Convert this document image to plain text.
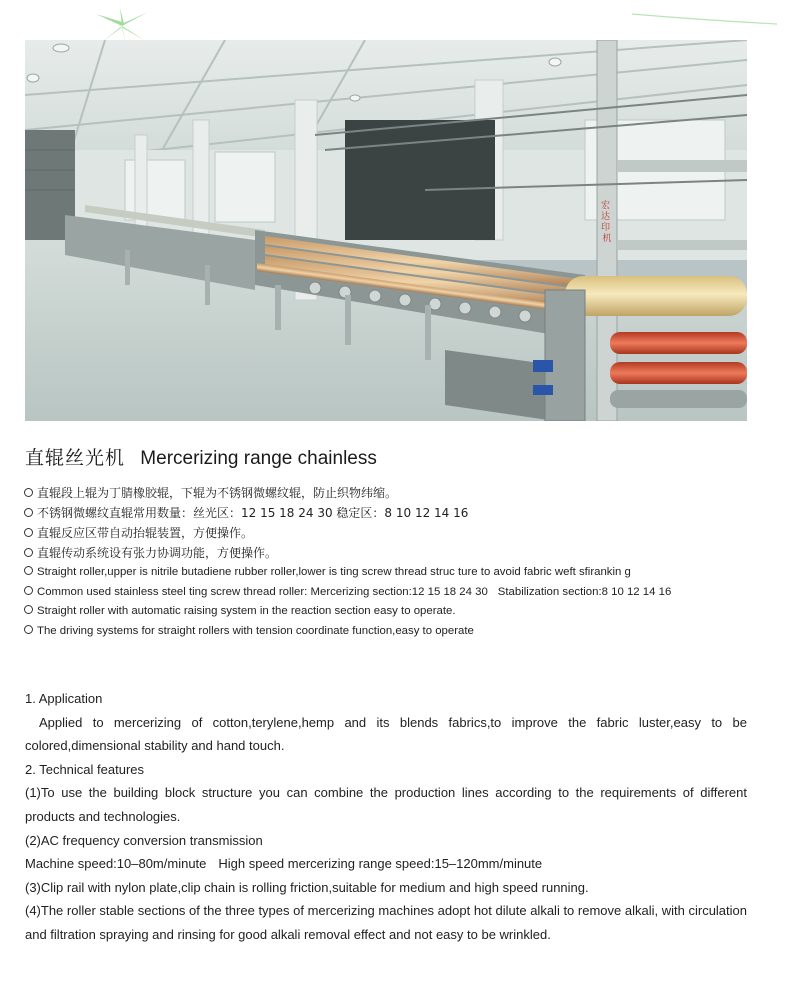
宏 达 印 机
直辊丝光机 Mercerizing range chainless
直辊段上辊为丁腈橡胶辊，下辊为不锈钢微螺纹辊，防止织物纬缩。
不锈钢微螺纹直辊常用数量：丝光区：12 15 18 24 30 稳定区：8 10 12 14 16
直辊反应区带自动抬辊装置，方便操作。
直辊传动系统设有张力协调功能，方便操作。
Straight roller,upper is nitrile butadiene rubber roller,lower is ting screw thread struc ture to avoid fabric weft sfirankin g
Common used stainless steel ting screw thread roller: Mercerizing section:12 15 18 24 30 Stabilization section:8 10 12 14 16
Straight roller with automatic raising system in the reaction section easy to operate.
The driving systems for straight rollers with tension coordinate function,easy to operate

1. Application

Applied to mercerizing of cotton,terylene,hemp and its blends fabrics,to improve the fabric luster,easy to be colored,dimensional stability and hand touch.

2. Technical features

(1)To use the building block structure you can combine the production lines according to the requirements of different products and technologies.

(2)AC frequency conversion transmission

Machine speed:10–80m/minute High speed mercerizing range speed:15–120mm/minute

(3)Clip rail with nylon plate,clip chain is rolling friction,suitable for medium and high speed running.

(4)The roller stable sections of the three types of mercerizing machines adopt hot dilute alkali to remove alkali, with circulation and filtration spraying and rinsing for good alkali removal effect and not easy to be wrinkled.
